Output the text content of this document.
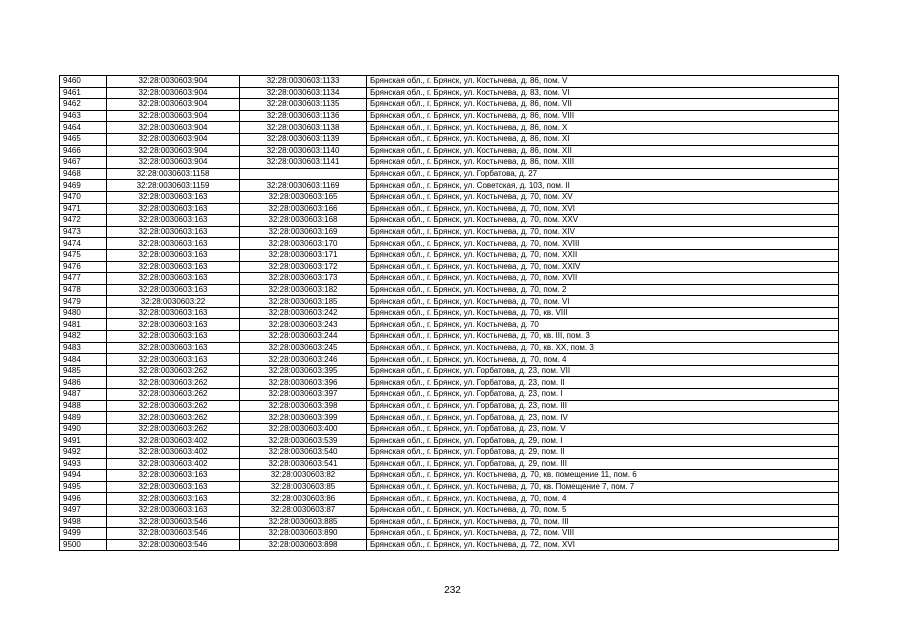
9460	32:28:0030603:904	32:28:0030603:1133	Брянская обл., г. Брянск, ул. Костычева, д. 86, пом. V
9461	32:28:0030603:904	32:28:0030603:1134	Брянская обл., г. Брянск, ул. Костычева, д. 83, пом. VI
9462	32:28:0030603:904	32:28:0030603:1135	Брянская обл., г. Брянск, ул. Костычева, д. 86, пом. VII
9463	32:28:0030603:904	32:28:0030603:1136	Брянская обл., г. Брянск, ул. Костычева, д. 86, пом. VIII
9464	32:28:0030603:904	32:28:0030603:1138	Брянская обл., г. Брянск, ул. Костычева, д. 86, пом. X
9465	32:28:0030603:904	32:28:0030603:1139	Брянская обл., г. Брянск, ул. Костычева, д. 86, пом. XI
9466	32:28:0030603:904	32:28:0030603:1140	Брянская обл., г. Брянск, ул. Костычева, д. 86, пом. XII
9467	32:28:0030603:904	32:28:0030603:1141	Брянская обл., г. Брянск, ул. Костычева, д. 86, пом. XIII
9468	32:28:0030603:1158		Брянская обл., г. Брянск, ул. Горбатова, д. 27
9469	32:28:0030603:1159	32:28:0030603:1169	Брянская обл., г. Брянск, ул. Советская, д. 103, пом. II
9470	32:28:0030603:163	32:28:0030603:165	Брянская обл., г. Брянск, ул. Костычева, д. 70, пом. XV
9471	32:28:0030603:163	32:28:0030603:166	Брянская обл., г. Брянск, ул. Костычева, д. 70, пом. XVI
9472	32:28:0030603:163	32:28:0030603:168	Брянская обл., г. Брянск, ул. Костычева, д. 70, пом. XXV
9473	32:28:0030603:163	32:28:0030603:169	Брянская обл., г. Брянск, ул. Костычева, д. 70, пом. XIV
9474	32:28:0030603:163	32:28:0030603:170	Брянская обл., г. Брянск, ул. Костычева, д. 70, пом. XVIII
9475	32:28:0030603:163	32:28:0030603:171	Брянская обл., г. Брянск, ул. Костычева, д. 70, пом. XXII
9476	32:28:0030603:163	32:28:0030603:172	Брянская обл., г. Брянск, ул. Костычева, д. 70, пом. XXIV
9477	32:28:0030603:163	32:28:0030603:173	Брянская обл., г. Брянск, ул. Костычева, д. 70, пом. XVII
9478	32:28:0030603:163	32:28:0030603:182	Брянская обл., г. Брянск, ул. Костычева, д. 70, пом. 2
9479	32:28:0030603:22	32:28:0030603:185	Брянская обл., г. Брянск, ул. Костычева, д. 70, пом. VI
9480	32:28:0030603:163	32:28:0030603:242	Брянская обл., г. Брянск, ул. Костычева, д. 70, кв. VIII
9481	32:28:0030603:163	32:28:0030603:243	Брянская обл., г. Брянск, ул. Костычева, д. 70
9482	32:28:0030603:163	32:28:0030603:244	Брянская обл., г. Брянск, ул. Костычева, д. 70, кв. III, пом. 3
9483	32:28:0030603:163	32:28:0030603:245	Брянская обл., г. Брянск, ул. Костычева, д. 70, кв. XX, пом. 3
9484	32:28:0030603:163	32:28:0030603:246	Брянская обл., г. Брянск, ул. Костычева, д. 70, пом. 4
9485	32:28:0030603:262	32:28:0030603:395	Брянская обл., г. Брянск, ул. Горбатова, д. 23, пом. VII
9486	32:28:0030603:262	32:28:0030603:396	Брянская обл., г. Брянск, ул. Горбатова, д. 23, пом. II
9487	32:28:0030603:262	32:28:0030603:397	Брянская обл., г. Брянск, ул. Горбатова, д. 23, пом. I
9488	32:28:0030603:262	32:28:0030603:398	Брянская обл., г. Брянск, ул. Горбатова, д. 23, пом. III
9489	32:28:0030603:262	32:28:0030603:399	Брянская обл., г. Брянск, ул. Горбатова, д. 23, пом. IV
9490	32:28:0030603:262	32:28:0030603:400	Брянская обл., г. Брянск, ул. Горбатова, д. 23, пом. V
9491	32:28:0030603:402	32:28:0030603:539	Брянская обл., г. Брянск, ул. Горбатова, д. 29, пом. I
9492	32:28:0030603:402	32:28:0030603:540	Брянская обл., г. Брянск, ул. Горбатова, д. 29, пом. II
9493	32:28:0030603:402	32:28:0030603:541	Брянская обл., г. Брянск, ул. Горбатова, д. 29, пом. III
9494	32:28:0030603:163	32:28:0030603:82	Брянская обл., г. Брянск, ул. Костычева, д. 70, кв. помещение 11, пом. 6
9495	32:28:0030603:163	32:28:0030603:85	Брянская обл., г. Брянск, ул. Костычева, д. 70, кв. Помещение 7, пом. 7
9496	32:28:0030603:163	32:28:0030603:86	Брянская обл., г. Брянск, ул. Костычева, д. 70, пом. 4
9497	32:28:0030603:163	32:28:0030603:87	Брянская обл., г. Брянск, ул. Костычева, д. 70, пом. 5
9498	32:28:0030603:546	32:28:0030603:885	Брянская обл., г. Брянск, ул. Костычева, д. 70, пом. III
9499	32:28:0030603:546	32:28:0030603:890	Брянская обл., г. Брянск, ул. Костычева, д. 72, пом. VIII
9500	32:28:0030603:546	32:28:0030603:898	Брянская обл., г. Брянск, ул. Костычева, д. 72, пом. XVI
232
